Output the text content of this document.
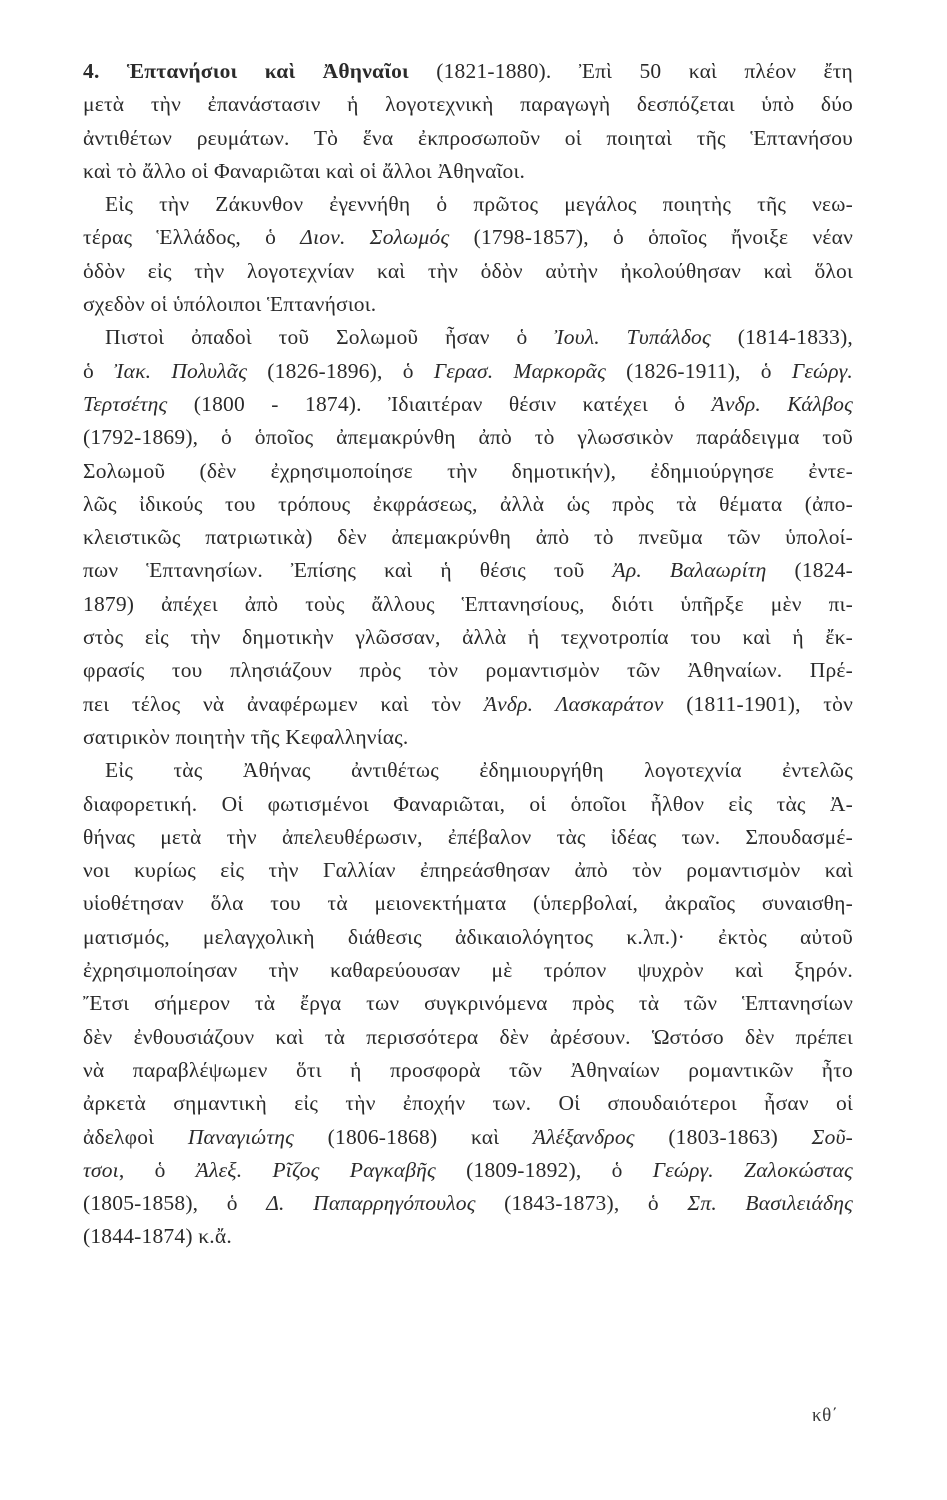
4. Ἑπτανήσιοι καὶ Ἀθηναῖοι (1821-1880). Ἐπὶ 50 καὶ πλέον ἔτη
μετὰ τὴν ἐπανάστασιν ἡ λογοτεχνικὴ παραγωγὴ δεσπόζεται ὑπὸ δύο
ἀντιθέτων ρευμάτων. Τὸ ἕνα ἐκπροσωποῦν οἱ ποιηταὶ τῆς Ἑπτανήσου
καὶ τὸ ἄλλο οἱ Φαναριῶται καὶ οἱ ἄλλοι Ἀθηναῖοι.
Εἰς τὴν Ζάκυνθον ἐγεννήθη ὁ πρῶτος μεγάλος ποιητὴς τῆς νεω-
τέρας Ἑλλάδος, ὁ Διον. Σολωμός (1798-1857), ὁ ὁποῖος ἤνοιξε νέαν
ὁδὸν εἰς τὴν λογοτεχνίαν καὶ τὴν ὁδὸν αὐτὴν ἠκολούθησαν καὶ ὅλοι
σχεδὸν οἱ ὑπόλοιποι Ἑπτανήσιοι.
Πιστοὶ ὀπαδοὶ τοῦ Σολωμοῦ ἦσαν ὁ Ἰουλ. Τυπάλδος (1814-1833),
ὁ Ἰακ. Πολυλᾶς (1826-1896), ὁ Γερασ. Μαρκορᾶς (1826-1911), ὁ Γεώργ.
Τερτσέτης (1800 - 1874). Ἰδιαιτέραν θέσιν κατέχει ὁ Ἀνδρ. Κάλβος
(1792-1869), ὁ ὁποῖος ἀπεμακρύνθη ἀπὸ τὸ γλωσσικὸν παράδειγμα τοῦ
Σολωμοῦ (δὲν ἐχρησιμοποίησε τὴν δημοτικήν), ἐδημιούργησε ἐντε-
λῶς ἰδικούς του τρόπους ἐκφράσεως, ἀλλὰ ὡς πρὸς τὰ θέματα (ἀπο-
κλειστικῶς πατριωτικὰ) δὲν ἀπεμακρύνθη ἀπὸ τὸ πνεῦμα τῶν ὑπολοί-
πων Ἑπτανησίων. Ἐπίσης καὶ ἡ θέσις τοῦ Ἀρ. Βαλαωρίτη (1824-
1879) ἀπέχει ἀπὸ τοὺς ἄλλους Ἑπτανησίους, διότι ὑπῆρξε μὲν πι-
στὸς εἰς τὴν δημοτικὴν γλῶσσαν, ἀλλὰ ἡ τεχνοτροπία του καὶ ἡ ἔκ-
φρασίς του πλησιάζουν πρὸς τὸν ρομαντισμὸν τῶν Ἀθηναίων. Πρέ-
πει τέλος νὰ ἀναφέρωμεν καὶ τὸν Ἀνδρ. Λασκαράτον (1811-1901), τὸν
σατιρικὸν ποιητὴν τῆς Κεφαλληνίας.
Εἰς τὰς Ἀθήνας ἀντιθέτως ἐδημιουργήθη λογοτεχνία ἐντελῶς
διαφορετική. Οἱ φωτισμένοι Φαναριῶται, οἱ ὁποῖοι ἦλθον εἰς τὰς Ἀ-
θήνας μετὰ τὴν ἀπελευθέρωσιν, ἐπέβαλον τὰς ἰδέας των. Σπουδασμέ-
νοι κυρίως εἰς τὴν Γαλλίαν ἐπηρεάσθησαν ἀπὸ τὸν ρομαντισμὸν καὶ
υἱοθέτησαν ὅλα του τὰ μειονεκτήματα (ὑπερβολαί, ἀκραῖος συναισθη-
ματισμός, μελαγχολικὴ διάθεσις ἀδικαιολόγητος κ.λπ.)· ἐκτὸς αὐτοῦ
ἐχρησιμοποίησαν τὴν καθαρεύουσαν μὲ τρόπον ψυχρὸν καὶ ξηρόν.
Ἔτσι σήμερον τὰ ἔργα των συγκρινόμενα πρὸς τὰ τῶν Ἑπτανησίων
δὲν ἐνθουσιάζουν καὶ τὰ περισσότερα δὲν ἀρέσουν. Ὡστόσο δὲν πρέπει
νὰ παραβλέψωμεν ὅτι ἡ προσφορὰ τῶν Ἀθηναίων ρομαντικῶν ἦτο
ἀρκετὰ σημαντικὴ εἰς τὴν ἐποχήν των. Οἱ σπουδαιότεροι ἦσαν οἱ
ἀδελφοὶ Παναγιώτης (1806-1868) καὶ Ἀλέξανδρος (1803-1863) Σοῦ-
τσοι, ὁ Ἀλεξ. Ρῖζος Ραγκαβῆς (1809-1892), ὁ Γεώργ. Ζαλοκώστας
(1805-1858), ὁ Δ. Παπαρρηγόπουλος (1843-1873), ὁ Σπ. Βασιλειάδης
(1844-1874) κ.ἄ.
κθ΄
